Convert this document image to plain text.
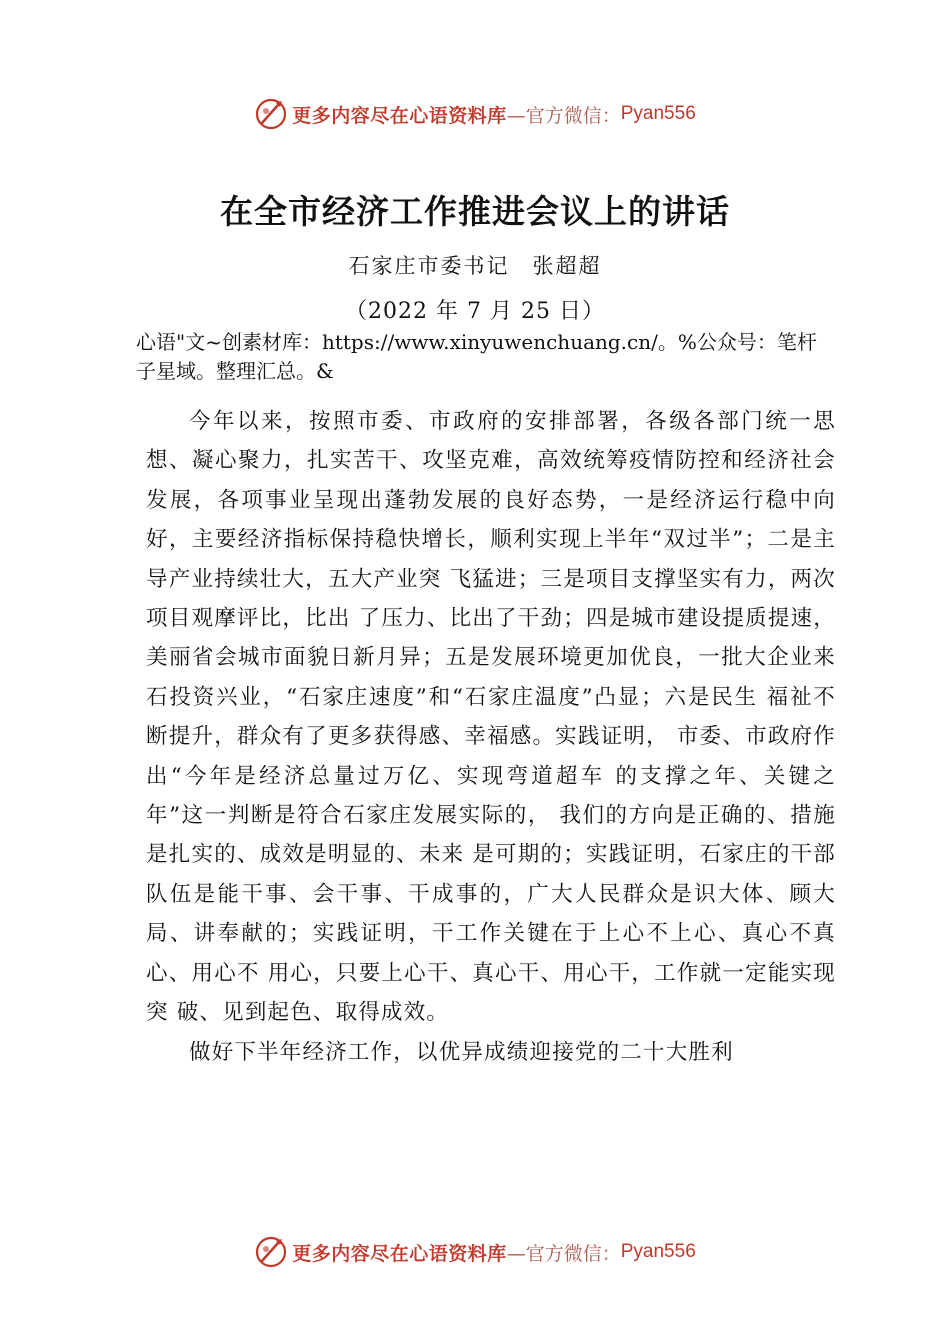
更多内容尽在心语资料库 —官方微信： Pyan556
在全市经济工作推进会议上的讲话
石家庄市委书记　张超超
（2022 年 7 月 25 日）
心语"文~创素材库：https://www.xinyuwenchuang.cn/。%公众号：笔杆子星域。整理汇总。&

今年以来，按照市委、市政府的安排部署，各级各部门统一思想、凝心聚力，扎实苦干、攻坚克难，高效统筹疫情防控和经济社会发展，各项事业呈现出蓬勃发展的良好态势，一是经济运行稳中向好，主要经济指标保持稳快增长，顺利实现上半年“双过半”；二是主导产业持续壮大，五大产业突 飞猛进；三是项目支撑坚实有力，两次项目观摩评比，比出 了压力、比出了干劲；四是城市建设提质提速，美丽省会城市面貌日新月异；五是发展环境更加优良，一批大企业来石投资兴业，“石家庄速度”和“石家庄温度”凸显；六是民生 福祉不断提升，群众有了更多获得感、幸福感。实践证明， 市委、市政府作出“今年是经济总量过万亿、实现弯道超车 的支撑之年、关键之年”这一判断是符合石家庄发展实际的， 我们的方向是正确的、措施是扎实的、成效是明显的、未来 是可期的；实践证明，石家庄的干部队伍是能干事、会干事、干成事的，广大人民群众是识大体、顾大局、讲奉献的；实践证明，干工作关键在于上心不上心、真心不真心、用心不 用心，只要上心干、真心干、用心干，工作就一定能实现突 破、见到起色、取得成效。

做好下半年经济工作，以优异成绩迎接党的二十大胜利

更多内容尽在心语资料库 —官方微信： Pyan556
